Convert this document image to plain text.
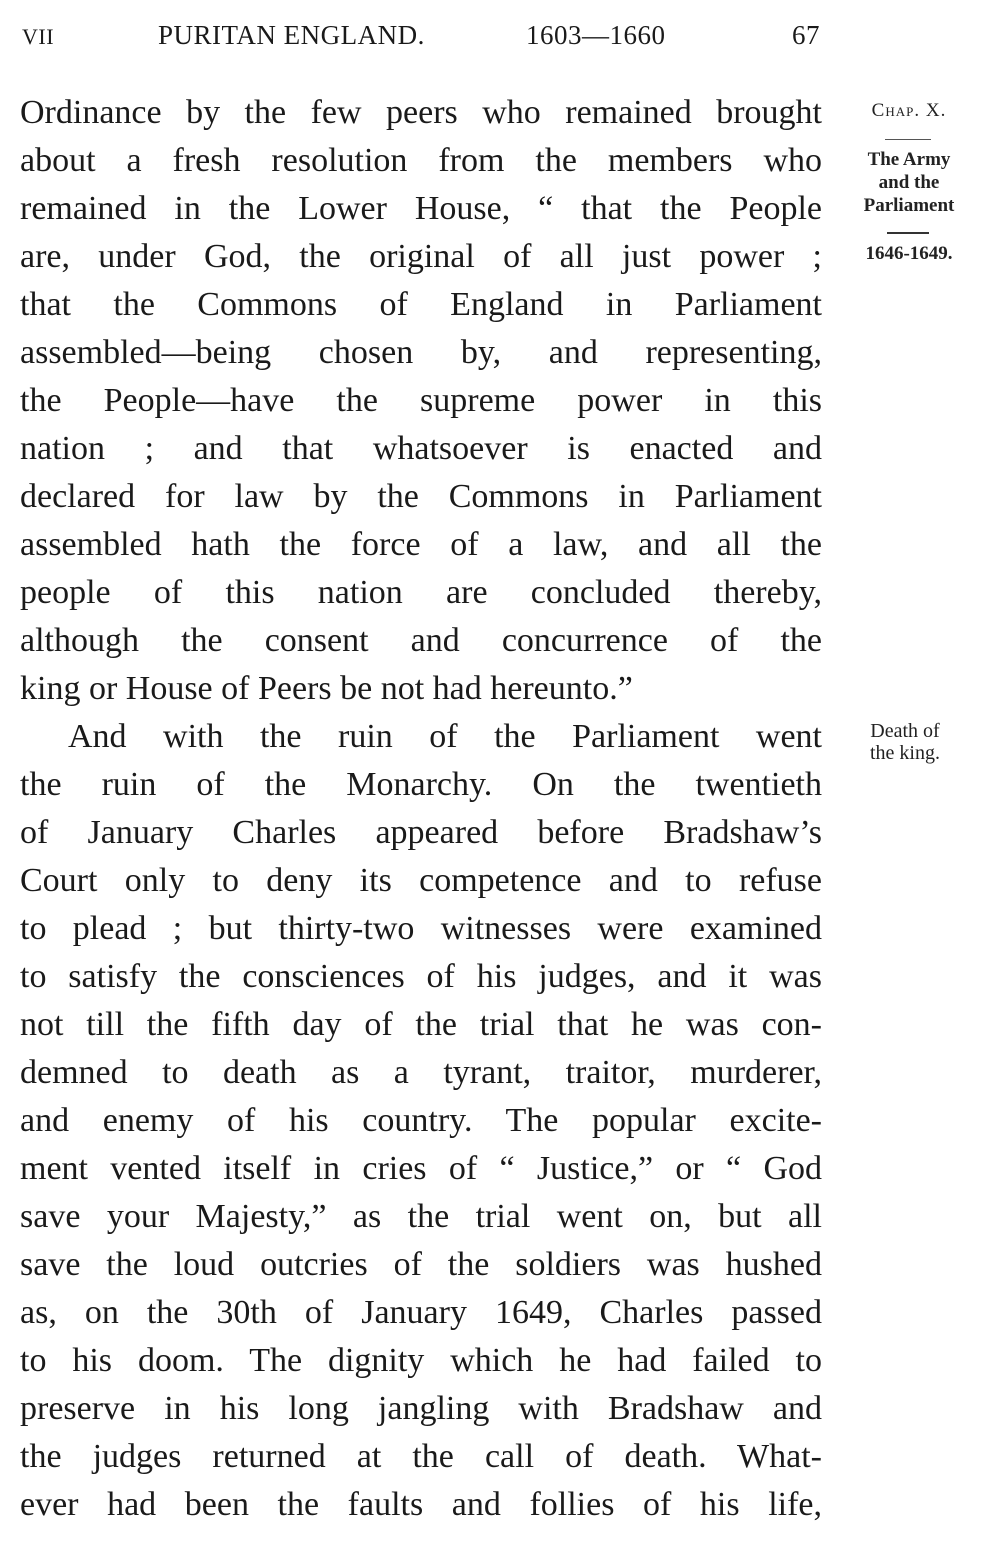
VII	PURITAN ENGLAND.	1603—1660	67
Ordinance by the few peers who remained brought
about a fresh resolution from the members who
remained in the Lower House, “ that the People
are, under God, the original of all just power ;
that the Commons of England in Parliament
assembled—being chosen by, and representing,
the People—have the supreme power in this
nation ; and that whatsoever is enacted and
declared for law by the Commons in Parliament
assembled hath the force of a law, and all the
people of this nation are concluded thereby,
although the consent and concurrence of the
king or House of Peers be not had hereunto.”
And with the ruin of the Parliament went
the ruin of the Monarchy. On the twentieth
of January Charles appeared before Bradshaw’s
Court only to deny its competence and to refuse
to plead ; but thirty-two witnesses were examined
to satisfy the consciences of his judges, and it was
not till the fifth day of the trial that he was con-
demned to death as a tyrant, traitor, murderer,
and enemy of his country. The popular excite-
ment vented itself in cries of “ Justice,” or “ God
save your Majesty,” as the trial went on, but all
save the loud outcries of the soldiers was hushed
as, on the 30th of January 1649, Charles passed
to his doom. The dignity which he had failed to
preserve in his long jangling with Bradshaw and
the judges returned at the call of death. What-
ever had been the faults and follies of his life,
Chap. X.
The Army
and the
Parliament
1646-1649.
Death of
the king.
